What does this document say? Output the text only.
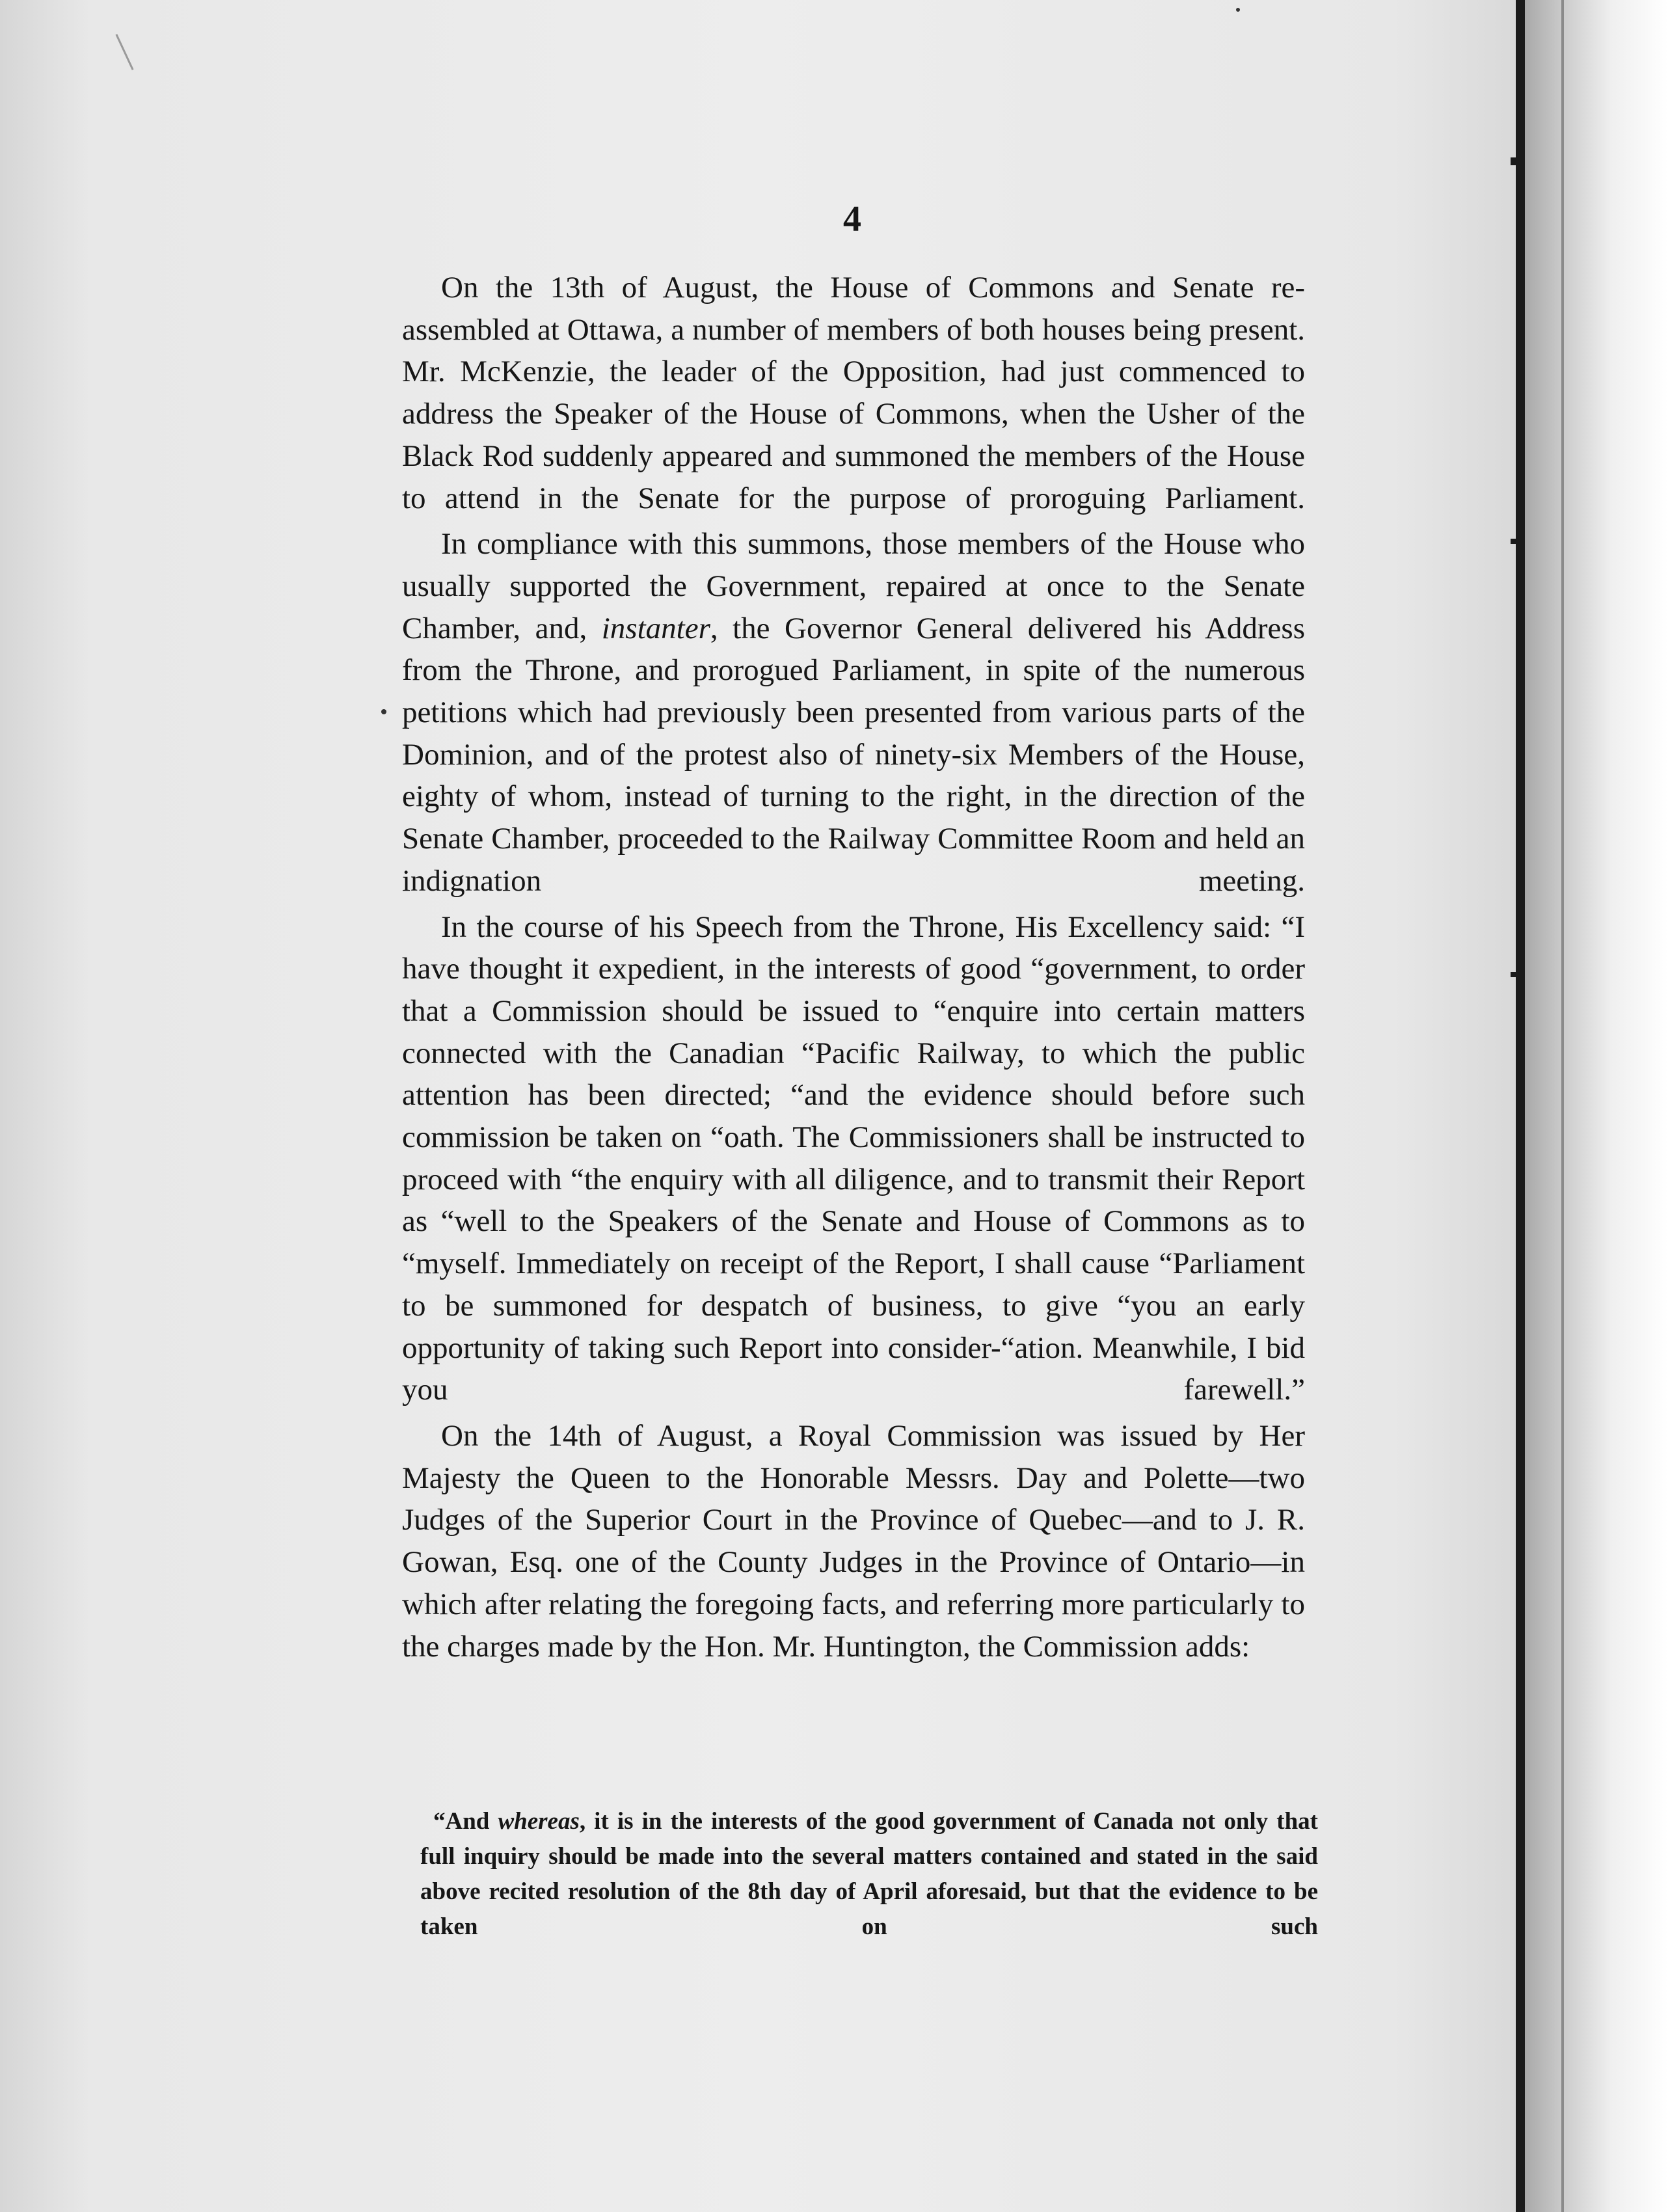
4

On the 13th of August, the House of Commons and Senate re-assembled at Ottawa, a number of members of both houses being present. Mr. McKenzie, the leader of the Opposition, had just commenced to address the Speaker of the House of Commons, when the Usher of the Black Rod suddenly appeared and summoned the members of the House to attend in the Senate for the purpose of proroguing Parliament.

In compliance with this summons, those members of the House who usually supported the Government, repaired at once to the Senate Chamber, and, instanter, the Governor General delivered his Address from the Throne, and prorogued Parliament, in spite of the numerous petitions which had previously been presented from various parts of the Dominion, and of the protest also of ninety-six Members of the House, eighty of whom, instead of turning to the right, in the direction of the Senate Chamber, proceeded to the Railway Committee Room and held an indignation meeting.

In the course of his Speech from the Throne, His Excellency said: “I have thought it expedient, in the interests of good “government, to order that a Commission should be issued to “enquire into certain matters connected with the Canadian “Pacific Railway, to which the public attention has been directed; “and the evidence should before such commission be taken on “oath. The Commissioners shall be instructed to proceed with “the enquiry with all diligence, and to transmit their Report as “well to the Speakers of the Senate and House of Commons as to “myself. Immediately on receipt of the Report, I shall cause “Parliament to be summoned for despatch of business, to give “you an early opportunity of taking such Report into consider-“ation. Meanwhile, I bid you farewell.”

On the 14th of August, a Royal Commission was issued by Her Majesty the Queen to the Honorable Messrs. Day and Polette—two Judges of the Superior Court in the Province of Quebec—and to J. R. Gowan, Esq. one of the County Judges in the Province of Ontario—in which after relating the foregoing facts, and referring more particularly to the charges made by the Hon. Mr. Huntington, the Commission adds:

“And whereas, it is in the interests of the good government of Canada not only that full inquiry should be made into the several matters contained and stated in the said above recited resolution of the 8th day of April aforesaid, but that the evidence to be taken on such
